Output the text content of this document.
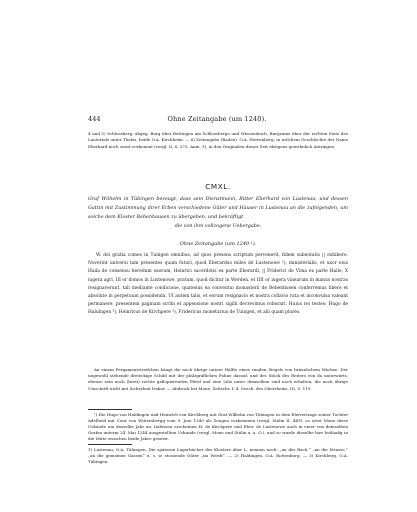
444	Ohne Zeitangabe (um 1240).
4 und 5) Schlossberg, abgeg. Burg über Bettingen am Schlossberge und Wiesendeich, Burgruine über der rechten Seite des Lautertals unter Thales, beide O.A. Kirchheim. — 6) Zeitangabe (Baden). O.A. Herrenberg; in welchem Geschlechte der Name Eberhard noch sonst vorkommt (vergl. II, S. 372, Anm. 3), in den Originalen dieser Zeit übrigens gewöhnlich Antringen.
CMXL.
Graf Wilhelm in Tübingen bezeugt, dass sein Dienstmann, Ritter Eberhard von Lustenau, und dessen Gattin mit Zustimmung ihrer Erben verschiedene Güter und Häuser in Lustenau an die zufolgenden, um solche dem Kloster Bebenhausen zu übergeben, und bekräftigt
die von ihm vollzogene Uebergabe.
Ohne Zeitangabe (um 1240 ¹).

W. dei gratia comes in Tuingen omnibus, ad quos presens scriptum pervenerit, fidem subnotatis || exhibere. Noverint universi tam presentes quam futuri, quod Eberardus miles dé Lustenowe ¹), ministerialis, et uxor eius Haila de consensu heredum suorum, Heinrici sacerdotis ex parte Eberardi, || Friderici de Vima ex parte Haile, X iugera agri, III or domos in Lustenowe, pratum, quod dicitur in Werden, et IIII or iugera vinearum in manus nostras resignaverunt, tali mediante condicione, quatenus ea conventui monasterii de Bebenhusen conferremus libere et absolute in perpetuum possidenda. Ut autem talis, et eorum resignacio et nostra collacio rata et inconvulsa valeant permanere, presentem paginam scribi et appensione nostri sigilli decrevimus roborari. Huius rei testes: Hugo de Halulngen ³), Heinricus de Kirchpere ³), Fridericus monetarius de Tuingen, et alii quam plures.

An einem Pergamentstreifchen hängt die noch übrige untere Hälfte eines runden Siegels von bräunlichem Wachse. Der ungewohl stehende dreieckige Schild mit der pfalzgräflichen Fahne darauf, und des Stück des Reiters von da unterwärts, ebenso sein noch (breit) rechte gallopierenden Pferd und eine Lilie unter demselben sind noch erhalten, die noch übrige Umschrift nicht mit Sicherheit lesbar. — Abdruck bei Mone, Zeitschr. f. d. Gesch. des Oberrheins, III, S. 119.

¹) Die Hugo von Haldingen und Heinrich von Kirchberg mit Graf Wilhelm von Tübingen in dem Ehevertrage seiner Tochter Adelheid mit Conr von Wittembergg vom 9. Juni 1240 als Zeugen vorkommen (vergl. Stälin II, 449), so setzt Mone diese Urkunde um dasselbe Jahr an. Indessen erscheinen H. de Kirchpere und Eber. de Lustenowe auch in einer von demselben Grafen unterm 24. Mai 1244 ausgestellten Urkunde (vergl. Mone und Stälin a. a. O.), und so wurde dieselbe hier beiläufig in die Mitte zwischen beide Jahre gesetzt.

1) Lustenau, O.A. Tübingen. Die späteren Lagerbücher des Klosters über L. nennen noch: „an des Bach,“ „an die Strasse,“ „an die gemeinen Gassen“ u. s. w. stossende Güter „im Werdt“. — 2) Haldingen, O.A. Rottenburg. — 3) Kirchberg, O.A. Tübingen.
